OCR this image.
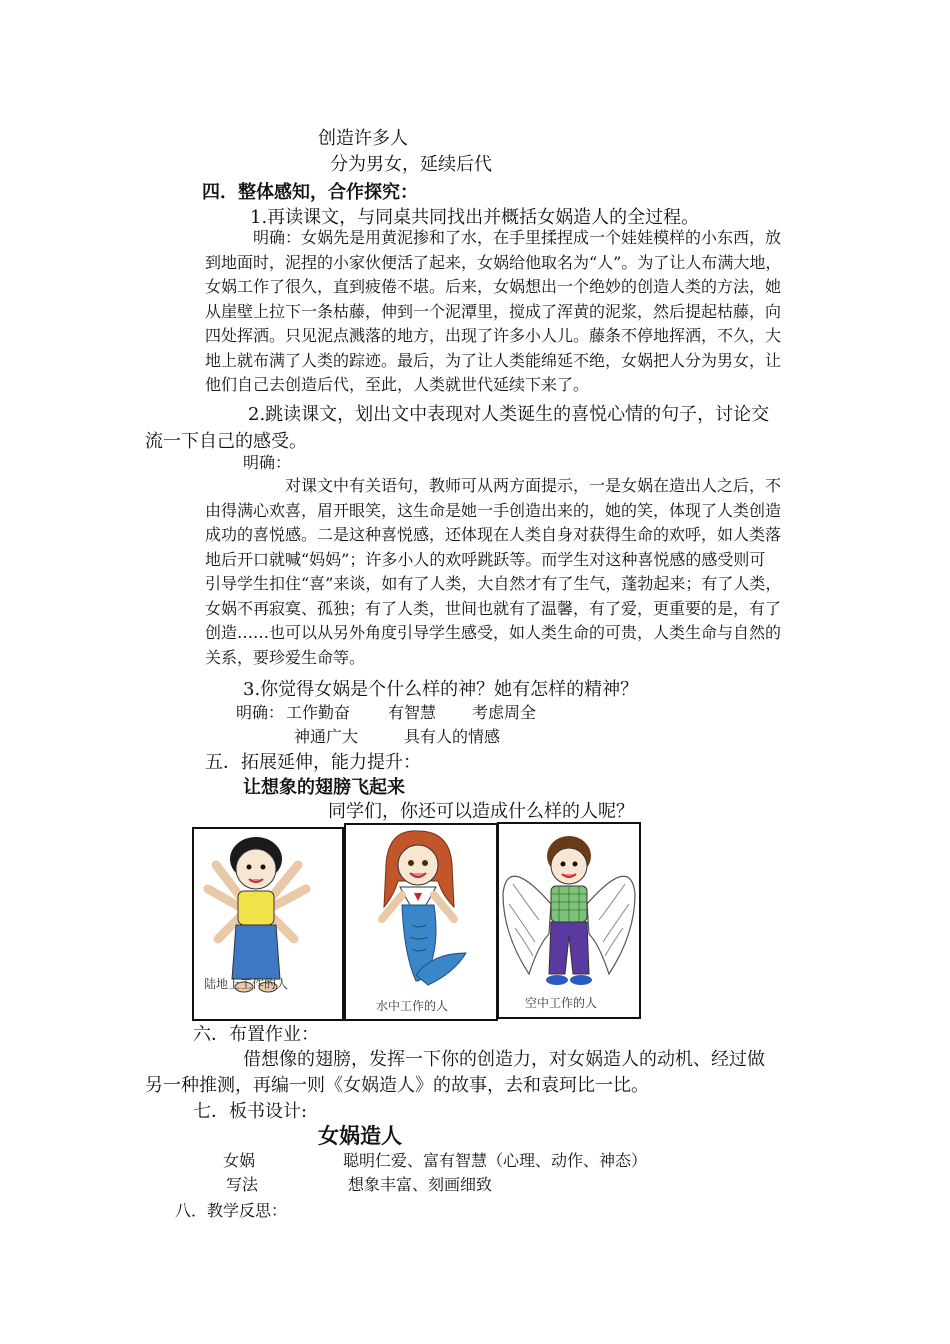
创造许多人
分为男女，延续后代
四．整体感知，合作探究：
1.再读课文，与同桌共同找出并概括女娲造人的全过程。
明确：女娲先是用黄泥掺和了水，在手里揉捏成一个娃娃模样的小东西，放
到地面时，泥捏的小家伙便活了起来，女娲给他取名为“人”。为了让人布满大地，
女娲工作了很久，直到疲倦不堪。后来，女娲想出一个绝妙的创造人类的方法，她
从崖壁上拉下一条枯藤，伸到一个泥潭里，搅成了浑黄的泥浆，然后提起枯藤，向
四处挥洒。只见泥点溅落的地方，出现了许多小人儿。藤条不停地挥洒，不久，大
地上就布满了人类的踪迹。最后，为了让人类能绵延不绝，女娲把人分为男女，让
他们自己去创造后代，至此，人类就世代延续下来了。
2.跳读课文，划出文中表现对人类诞生的喜悦心情的句子，讨论交
流一下自己的感受。
明确：
对课文中有关语句，教师可从两方面提示，一是女娲在造出人之后，不
由得满心欢喜，眉开眼笑，这生命是她一手创造出来的，她的笑，体现了人类创造
成功的喜悦感。二是这种喜悦感，还体现在人类自身对获得生命的欢呼，如人类落
地后开口就喊“妈妈”；许多小人的欢呼跳跃等。而学生对这种喜悦感的感受则可
引导学生扣住“喜”来谈，如有了人类，大自然才有了生气，蓬勃起来；有了人类，
女娲不再寂寞、孤独；有了人类，世间也就有了温馨，有了爱，更重要的是，有了
创造……也可以从另外角度引导学生感受，如人类生命的可贵，人类生命与自然的
关系，要珍爱生命等。
3.你觉得女娲是个什么样的神？她有怎样的精神？
明确： 工作勤奋 有智慧 考虑周全
神通广大	具有人的情感
五．拓展延伸，能力提升：
让想象的翅膀飞起来
同学们，你还可以造成什么样的人呢？
陆地上工作的人
水中工作的人	空中工作的人
六．布置作业：
借想像的翅膀，发挥一下你的创造力，对女娲造人的动机、经过做
另一种推测，再编一则《女娲造人》的故事，去和袁珂比一比。
七．板书设计:
女娲造人
女娲	聪明仁爱、富有智慧（心理、动作、神态）
写法	想象丰富、刻画细致
八．教学反思：
